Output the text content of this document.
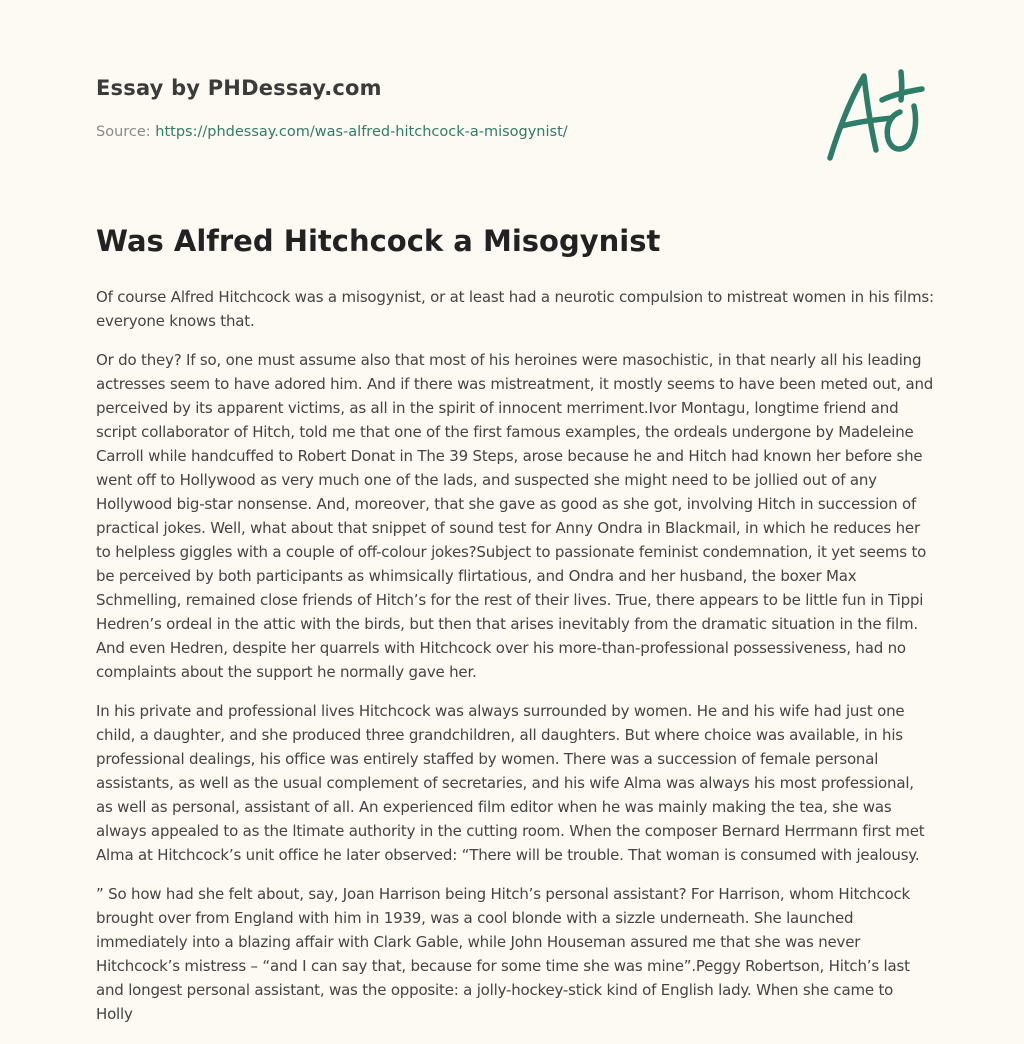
Essay by PHDessay.com
Source: https://phdessay.com/was-alfred-hitchcock-a-misogynist/
Was Alfred Hitchcock a Misogynist

Of course Alfred Hitchcock was a misogynist, or at least had a neurotic compulsion to mistreat women in his films: everyone knows that.

Or do they? If so, one must assume also that most of his heroines were masochistic, in that nearly all his leading actresses seem to have adored him. And if there was mistreatment, it mostly seems to have been meted out, and perceived by its apparent victims, as all in the spirit of innocent merriment.Ivor Montagu, longtime friend and script collaborator of Hitch, told me that one of the first famous examples, the ordeals undergone by Madeleine Carroll while handcuffed to Robert Donat in The 39 Steps, arose because he and Hitch had known her before she went off to Hollywood as very much one of the lads, and suspected she might need to be jollied out of any Hollywood big-star nonsense. And, moreover, that she gave as good as she got, involving Hitch in succession of practical jokes. Well, what about that snippet of sound test for Anny Ondra in Blackmail, in which he reduces her to helpless giggles with a couple of off-colour jokes?Subject to passionate feminist condemnation, it yet seems to be perceived by both participants as whimsically flirtatious, and Ondra and her husband, the boxer Max Schmelling, remained close friends of Hitch’s for the rest of their lives. True, there appears to be little fun in Tippi Hedren’s ordeal in the attic with the birds, but then that arises inevitably from the dramatic situation in the film. And even Hedren, despite her quarrels with Hitchcock over his more-than-professional possessiveness, had no complaints about the support he normally gave her.

In his private and professional lives Hitchcock was always surrounded by women. He and his wife had just one child, a daughter, and she produced three grandchildren, all daughters. But where choice was available, in his professional dealings, his office was entirely staffed by women. There was a succession of female personal assistants, as well as the usual complement of secretaries, and his wife Alma was always his most professional, as well as personal, assistant of all. An experienced film editor when he was mainly making the tea, she was always appealed to as the ltimate authority in the cutting room. When the composer Bernard Herrmann first met Alma at Hitchcock’s unit office he later observed: “There will be trouble. That woman is consumed with jealousy.

” So how had she felt about, say, Joan Harrison being Hitch’s personal assistant? For Harrison, whom Hitchcock brought over from England with him in 1939, was a cool blonde with a sizzle underneath. She launched immediately into a blazing affair with Clark Gable, while John Houseman assured me that she was never Hitchcock’s mistress – “and I can say that, because for some time she was mine”.Peggy Robertson, Hitch’s last and longest personal assistant, was the opposite: a jolly-hockey-stick kind of English lady. When she came to Holly
